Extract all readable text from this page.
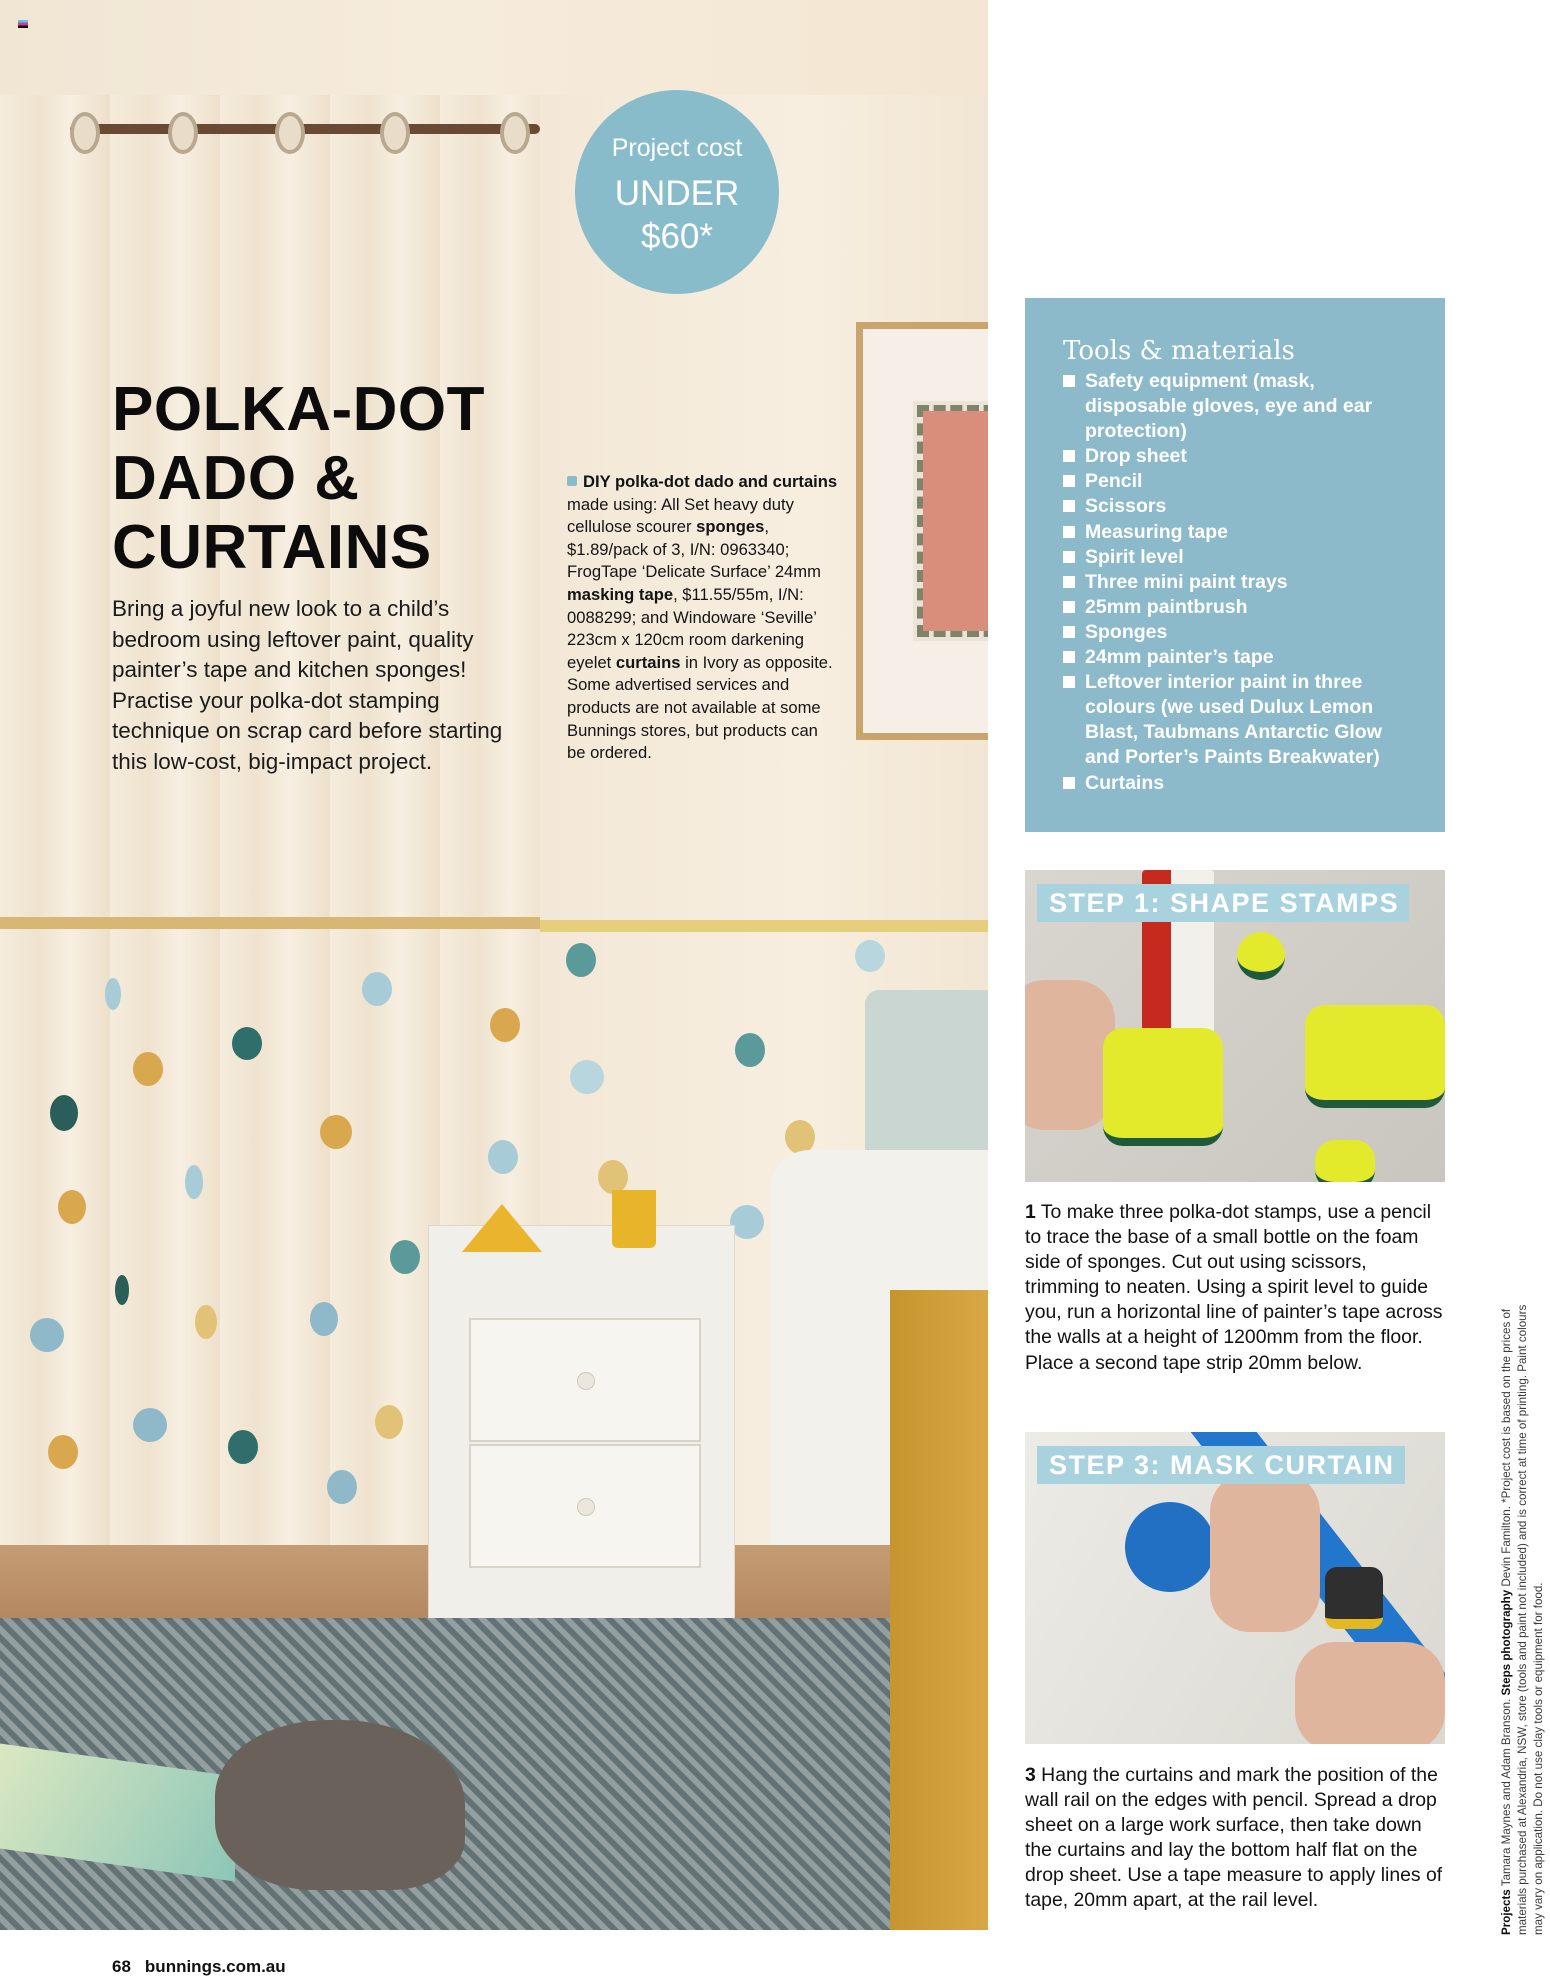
Project cost
UNDER
$60*
POLKA-DOT
DADO &
CURTAINS

Bring a joyful new look to a child’s bedroom using leftover paint, quality painter’s tape and kitchen sponges! Practise your polka-dot stamping technique on scrap card before starting this low-cost, big-impact project.

DIY polka-dot dado and curtains made using: All Set heavy duty cellulose scourer sponges, $1.89/pack of 3, I/N: 0963340; FrogTape ‘Delicate Surface’ 24mm masking tape, $11.55/55m, I/N: 0088299; and Windoware ‘Seville’ 223cm x 120cm room darkening eyelet curtains in Ivory as opposite. Some advertised services and products are not available at some Bunnings stores, but products can be ordered.

Tools & materials
Safety equipment (mask, disposable gloves, eye and ear protection)
Drop sheet
Pencil
Scissors
Measuring tape
Spirit level
Three mini paint trays
25mm paintbrush
Sponges
24mm painter’s tape
Leftover interior paint in three colours (we used Dulux Lemon Blast, Taubmans Antarctic Glow and Porter’s Paints Breakwater)
Curtains
STEP 1: SHAPE STAMPS

1 To make three polka-dot stamps, use a pencil to trace the base of a small bottle on the foam side of sponges. Cut out using scissors, trimming to neaten. Using a spirit level to guide you, run a horizontal line of painter’s tape across the walls at a height of 1200mm from the floor. Place a second tape strip 20mm below.

STEP 3: MASK CURTAIN

3 Hang the curtains and mark the position of the wall rail on the edges with pencil. Spread a drop sheet on a large work surface, then take down the curtains and lay the bottom half flat on the drop sheet. Use a tape measure to apply lines of tape, 20mm apart, at the rail level.

68 bunnings.com.au

Projects Tamara Maynes and Adam Branson. Steps photography Devin Familton. *Project cost is based on the prices of materials purchased at Alexandria, NSW, store (tools and paint not included) and is correct at time of printing. Paint colours may vary on application. Do not use clay tools or equipment for food.
